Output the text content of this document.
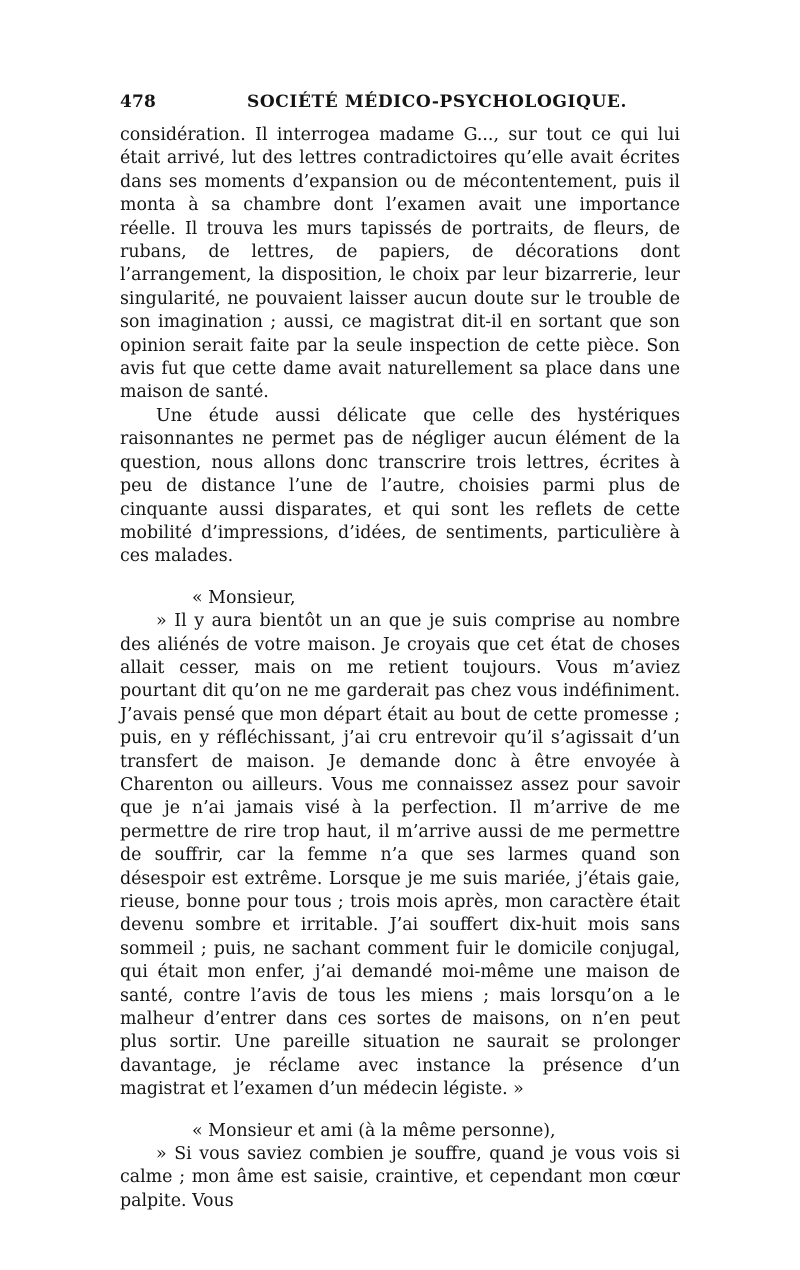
478	SOCIÉTÉ MÉDICO-PSYCHOLOGIQUE.

considération. Il interrogea madame G..., sur tout ce qui lui était arrivé, lut des lettres contradictoires qu’elle avait écrites dans ses moments d’expansion ou de mécontentement, puis il monta à sa chambre dont l’examen avait une importance réelle. Il trouva les murs tapissés de portraits, de fleurs, de rubans, de lettres, de papiers, de décorations dont l’arrangement, la disposition, le choix par leur bizarrerie, leur singularité, ne pouvaient laisser aucun doute sur le trouble de son imagination ; aussi, ce magistrat dit-il en sortant que son opinion serait faite par la seule inspection de cette pièce. Son avis fut que cette dame avait naturellement sa place dans une maison de santé.

Une étude aussi délicate que celle des hystériques raisonnantes ne permet pas de négliger aucun élément de la question, nous allons donc transcrire trois lettres, écrites à peu de distance l’une de l’autre, choisies parmi plus de cinquante aussi disparates, et qui sont les reflets de cette mobilité d’impressions, d’idées, de sentiments, particulière à ces malades.

« Monsieur,

» Il y aura bientôt un an que je suis comprise au nombre des aliénés de votre maison. Je croyais que cet état de choses allait cesser, mais on me retient toujours. Vous m’aviez pourtant dit qu’on ne me garderait pas chez vous indéfiniment. J’avais pensé que mon départ était au bout de cette promesse ; puis, en y réfléchissant, j’ai cru entrevoir qu’il s’agissait d’un transfert de maison. Je demande donc à être envoyée à Charenton ou ailleurs. Vous me connaissez assez pour savoir que je n’ai jamais visé à la perfection. Il m’arrive de me permettre de rire trop haut, il m’arrive aussi de me permettre de souffrir, car la femme n’a que ses larmes quand son désespoir est extrême. Lorsque je me suis mariée, j’étais gaie, rieuse, bonne pour tous ; trois mois après, mon caractère était devenu sombre et irritable. J’ai souffert dix-huit mois sans sommeil ; puis, ne sachant comment fuir le domicile conjugal, qui était mon enfer, j’ai demandé moi-même une maison de santé, contre l’avis de tous les miens ; mais lorsqu’on a le malheur d’entrer dans ces sortes de maisons, on n’en peut plus sortir. Une pareille situation ne saurait se prolonger davantage, je réclame avec instance la présence d’un magistrat et l’examen d’un médecin légiste. »

« Monsieur et ami (à la même personne),

» Si vous saviez combien je souffre, quand je vous vois si calme ; mon âme est saisie, craintive, et cependant mon cœur palpite. Vous
